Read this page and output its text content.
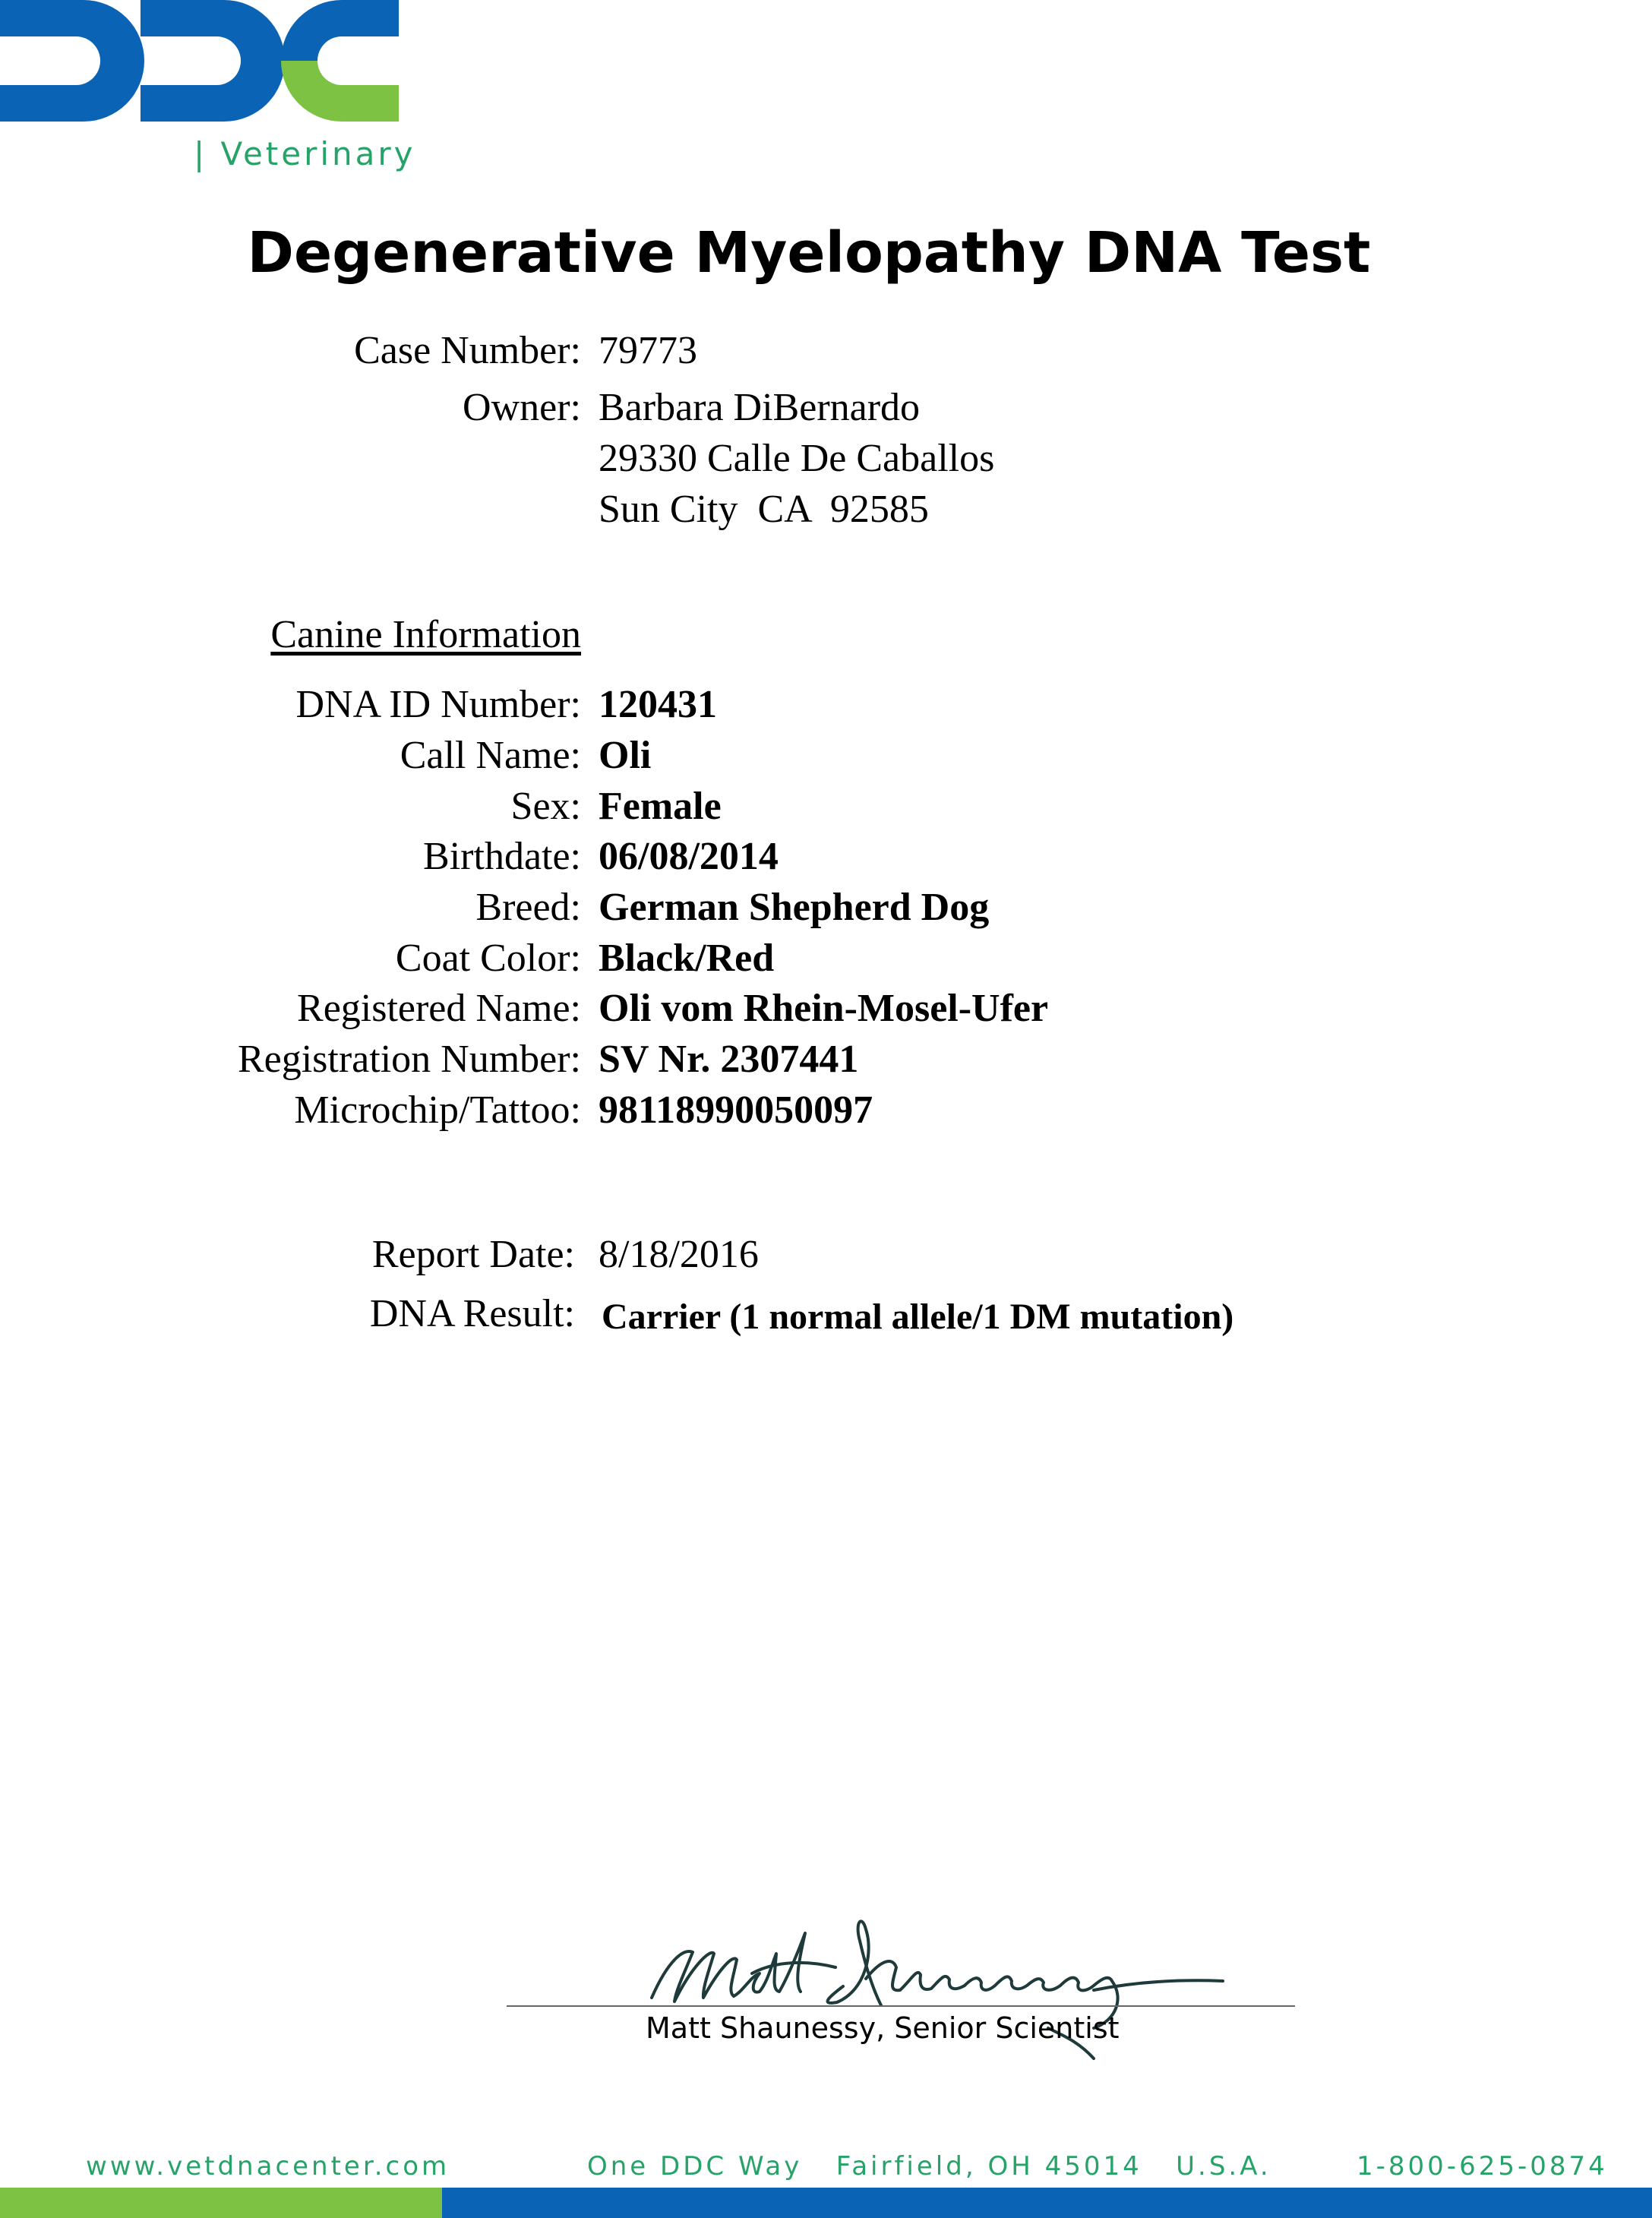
| Veterinary
Degenerative Myelopathy DNA Test
Case Number: 79773
Owner: Barbara DiBernardo
29330 Calle De Caballos
Sun City  CA  92585
Canine Information
DNA ID Number: 120431
Call Name: Oli
Sex: Female
Birthdate: 06/08/2014
Breed: German Shepherd Dog
Coat Color: Black/Red
Registered Name: Oli vom Rhein-Mosel-Ufer
Registration Number: SV Nr. 2307441
Microchip/Tattoo: 98118990050097
Report Date: 8/18/2016
DNA Result: Carrier (1 normal allele/1 DM mutation)
Matt Shaunessy, Senior Scientist
www.vetdnacenter.com	One DDC Way   Fairfield, OH 45014   U.S.A.	1-800-625-0874
